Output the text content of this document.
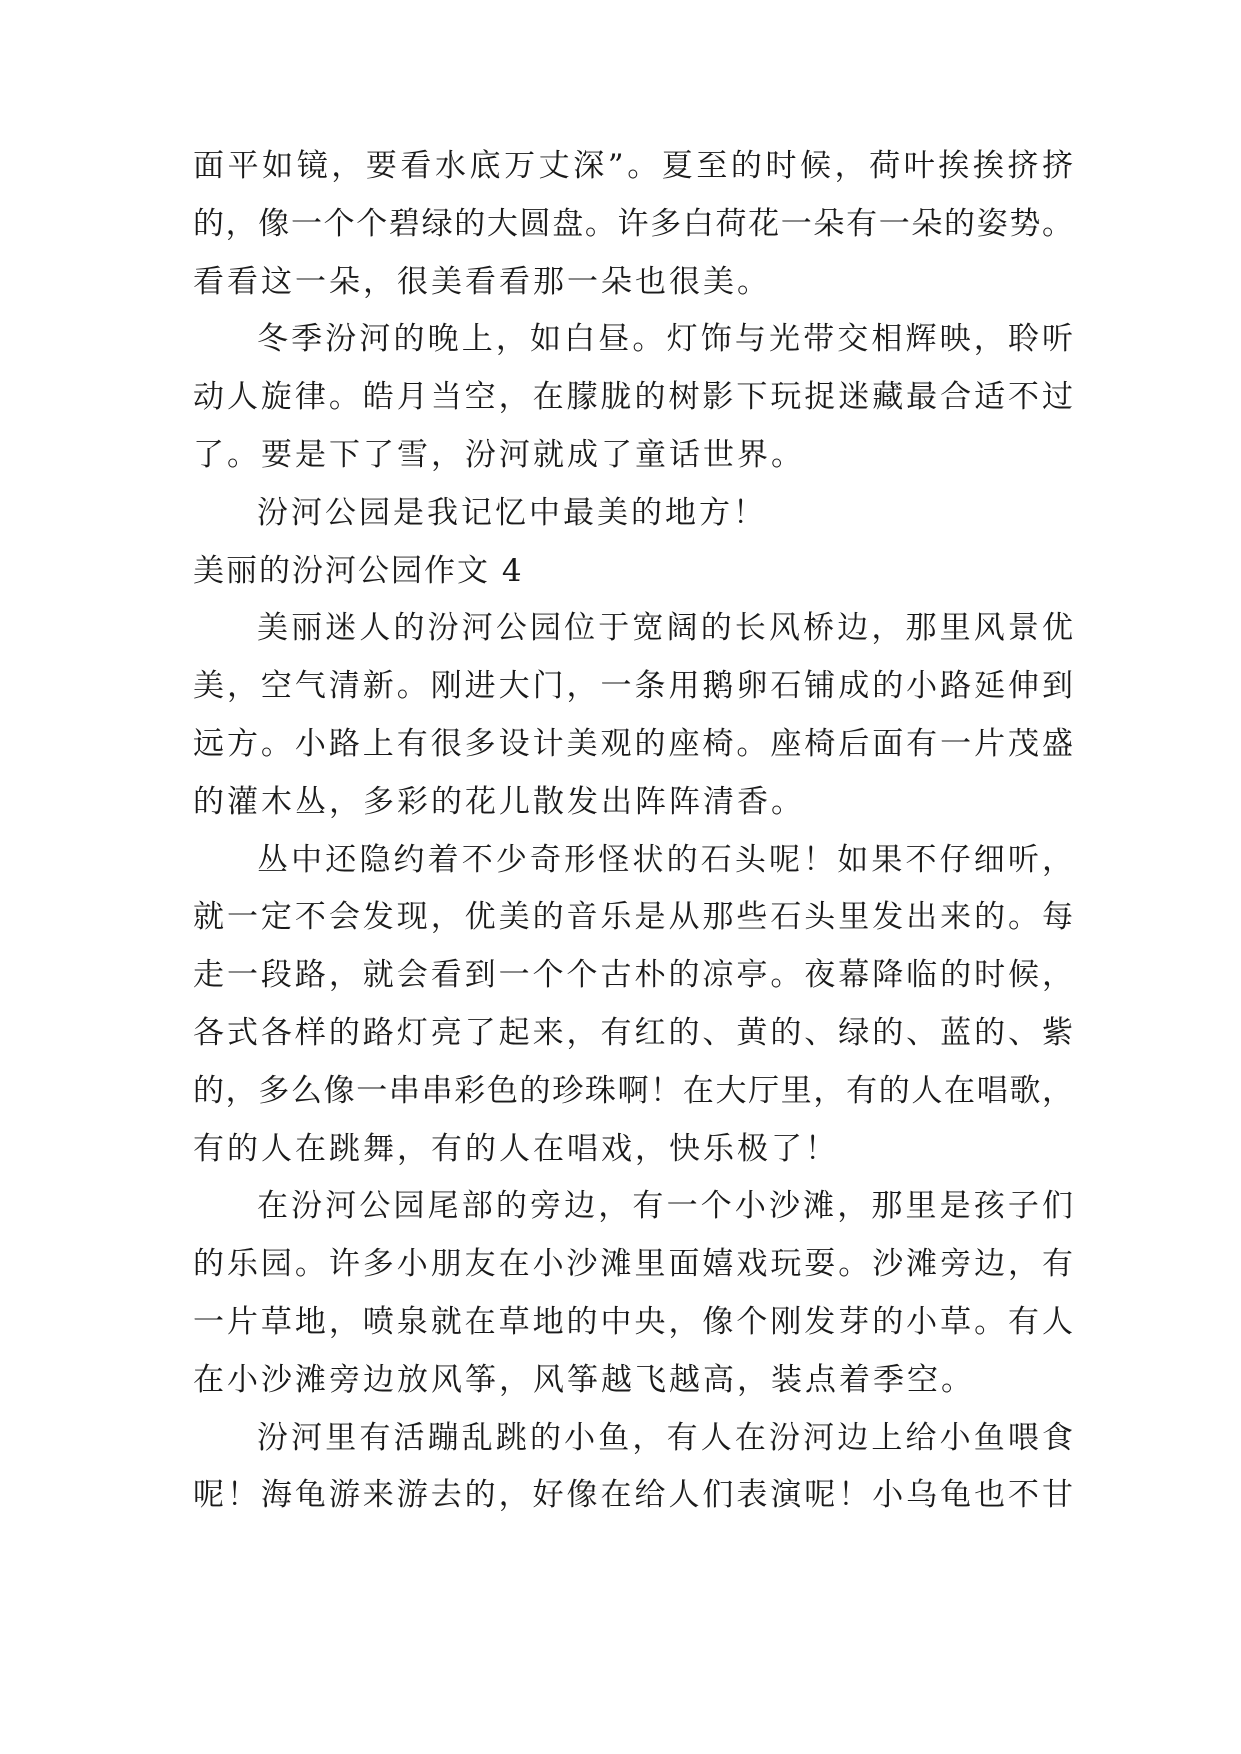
面平如镜，要看水底万丈深”。夏至的时候，荷叶挨挨挤挤
的，像一个个碧绿的大圆盘。许多白荷花一朵有一朵的姿势。
看看这一朵，很美看看那一朵也很美。
冬季汾河的晚上，如白昼。灯饰与光带交相辉映，聆听
动人旋律。皓月当空，在朦胧的树影下玩捉迷藏最合适不过
了。要是下了雪，汾河就成了童话世界。
汾河公园是我记忆中最美的地方！
美丽的汾河公园作文 4
美丽迷人的汾河公园位于宽阔的长风桥边，那里风景优
美，空气清新。刚进大门，一条用鹅卵石铺成的小路延伸到
远方。小路上有很多设计美观的座椅。座椅后面有一片茂盛
的灌木丛，多彩的花儿散发出阵阵清香。
丛中还隐约着不少奇形怪状的石头呢！如果不仔细听，
就一定不会发现，优美的音乐是从那些石头里发出来的。每
走一段路，就会看到一个个古朴的凉亭。夜幕降临的时候，
各式各样的路灯亮了起来，有红的、黄的、绿的、蓝的、紫
的，多么像一串串彩色的珍珠啊！在大厅里，有的人在唱歌，
有的人在跳舞，有的人在唱戏，快乐极了！
在汾河公园尾部的旁边，有一个小沙滩，那里是孩子们
的乐园。许多小朋友在小沙滩里面嬉戏玩耍。沙滩旁边，有
一片草地，喷泉就在草地的中央，像个刚发芽的小草。有人
在小沙滩旁边放风筝，风筝越飞越高，装点着季空。
汾河里有活蹦乱跳的小鱼，有人在汾河边上给小鱼喂食
呢！海龟游来游去的，好像在给人们表演呢！小乌龟也不甘
